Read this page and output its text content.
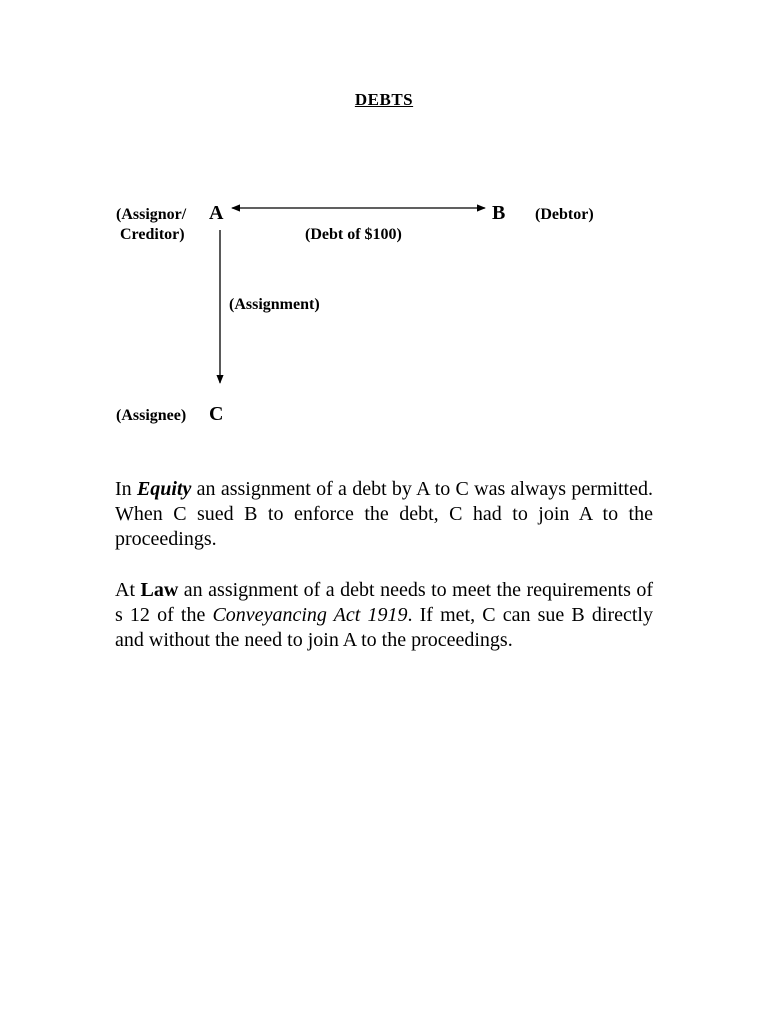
DEBTS
(Assignor/
Creditor)
A	B (Debtor)
(Debt of $100)
(Assignment)
(Assignee) C

In Equity an assignment of a debt by A to C was always permitted. When C sued B to enforce the debt, C had to join A to the proceedings.

At Law an assignment of a debt needs to meet the requirements of s 12 of the Conveyancing Act 1919. If met, C can sue B directly and without the need to join A to the proceedings.
